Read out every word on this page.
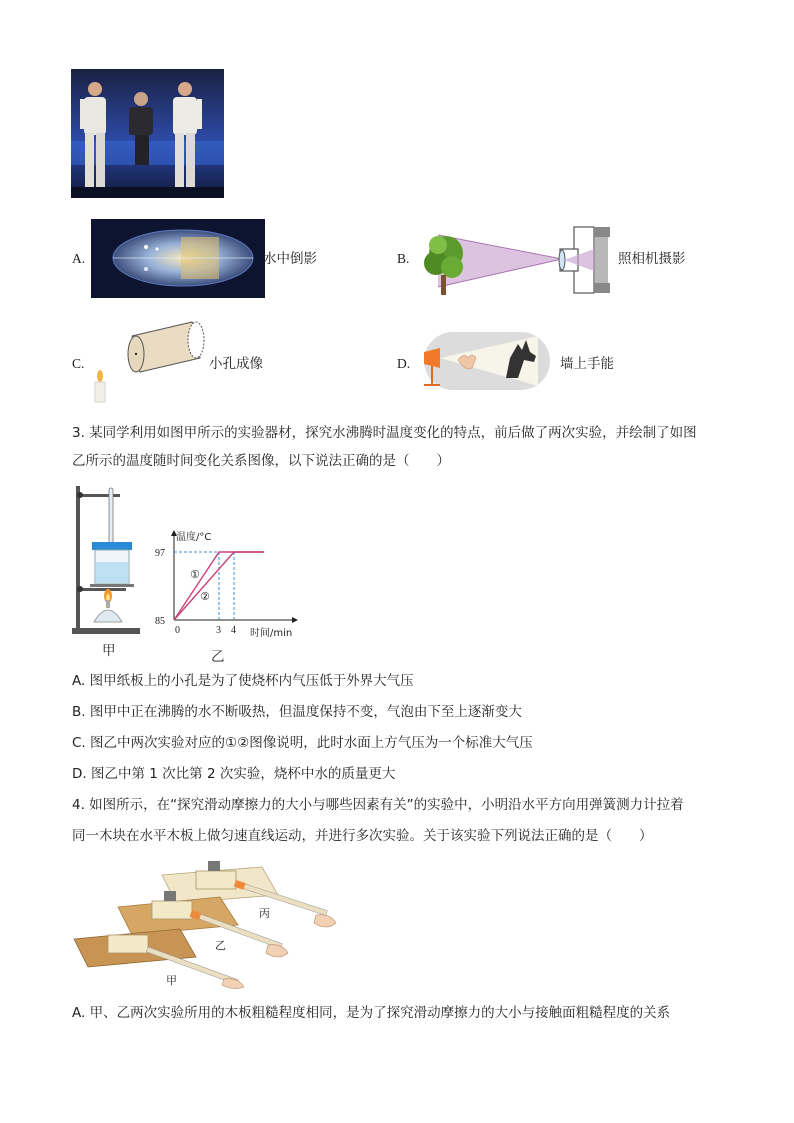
A.	水中倒影	B.	照相机摄影
C.	小孔成像	D.	墙上手能
3. 某同学利用如图甲所示的实验器材，探究水沸腾时温度变化的特点，前后做了两次实验，并绘制了如图
乙所示的温度随时间变化关系图像，以下说法正确的是（　　）
甲
①
②
97
85
0	3 4
温度/°C
时间/min
乙
A. 图甲纸板上的小孔是为了使烧杯内气压低于外界大气压
B. 图甲中正在沸腾的水不断吸热，但温度保持不变，气泡由下至上逐渐变大
C. 图乙中两次实验对应的①②图像说明，此时水面上方气压为一个标准大气压
D. 图乙中第 1 次比第 2 次实验，烧杯中水的质量更大
4. 如图所示，在“探究滑动摩擦力的大小与哪些因素有关”的实验中，小明沿水平方向用弹簧测力计拉着
同一木块在水平木板上做匀速直线运动，并进行多次实验。关于该实验下列说法正确的是（　　）
丙
乙
甲
A. 甲、乙两次实验所用的木板粗糙程度相同，是为了探究滑动摩擦力的大小与接触面粗糙程度的关系
